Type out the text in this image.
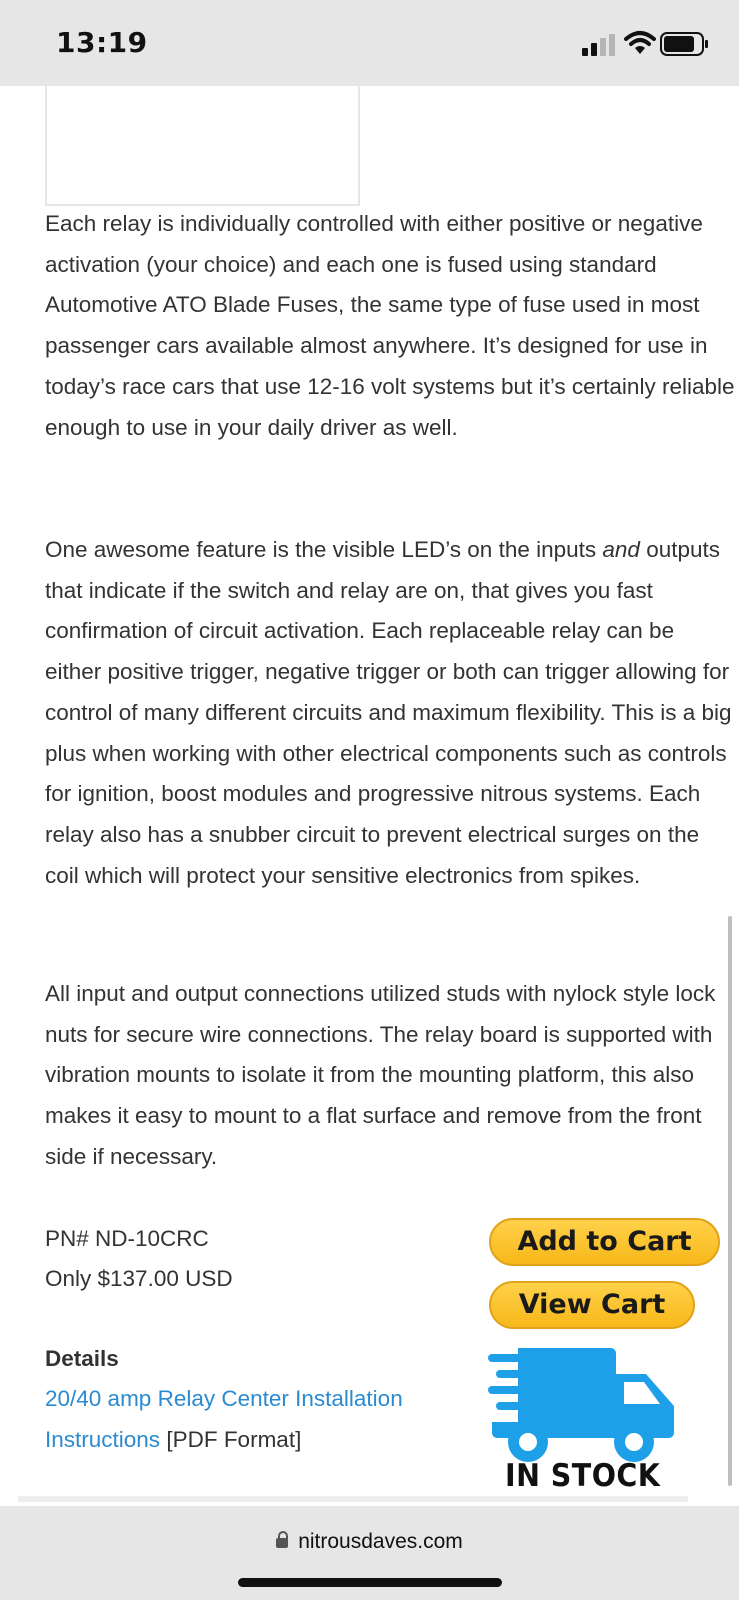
13:19

Each relay is individually controlled with either positive or negative activation (your choice) and each one is fused using standard Automotive ATO Blade Fuses, the same type of fuse used in most passenger cars available almost anywhere. It’s designed for use in today’s race cars that use 12-16 volt systems but it’s certainly reliable enough to use in your daily driver as well.

One awesome feature is the visible LED’s on the inputs and outputs that indicate if the switch and relay are on, that gives you fast confirmation of circuit activation. Each replaceable relay can be either positive trigger, negative trigger or both can trigger allowing for control of many different circuits and maximum flexibility. This is a big plus when working with other electrical components such as controls for ignition, boost modules and progressive nitrous systems. Each relay also has a snubber circuit to prevent electrical surges on the coil which will protect your sensitive electronics from spikes.

All input and output connections utilized studs with nylock style lock nuts for secure wire connections. The relay board is supported with vibration mounts to isolate it from the mounting platform, this also makes it easy to mount to a flat surface and remove from the front side if necessary.

PN# ND-10CRC
Only $137.00 USD
Details
20/40 amp Relay Center Installation Instructions [PDF Format]
Add to Cart
View Cart
IN STOCK
nitrousdaves.com
